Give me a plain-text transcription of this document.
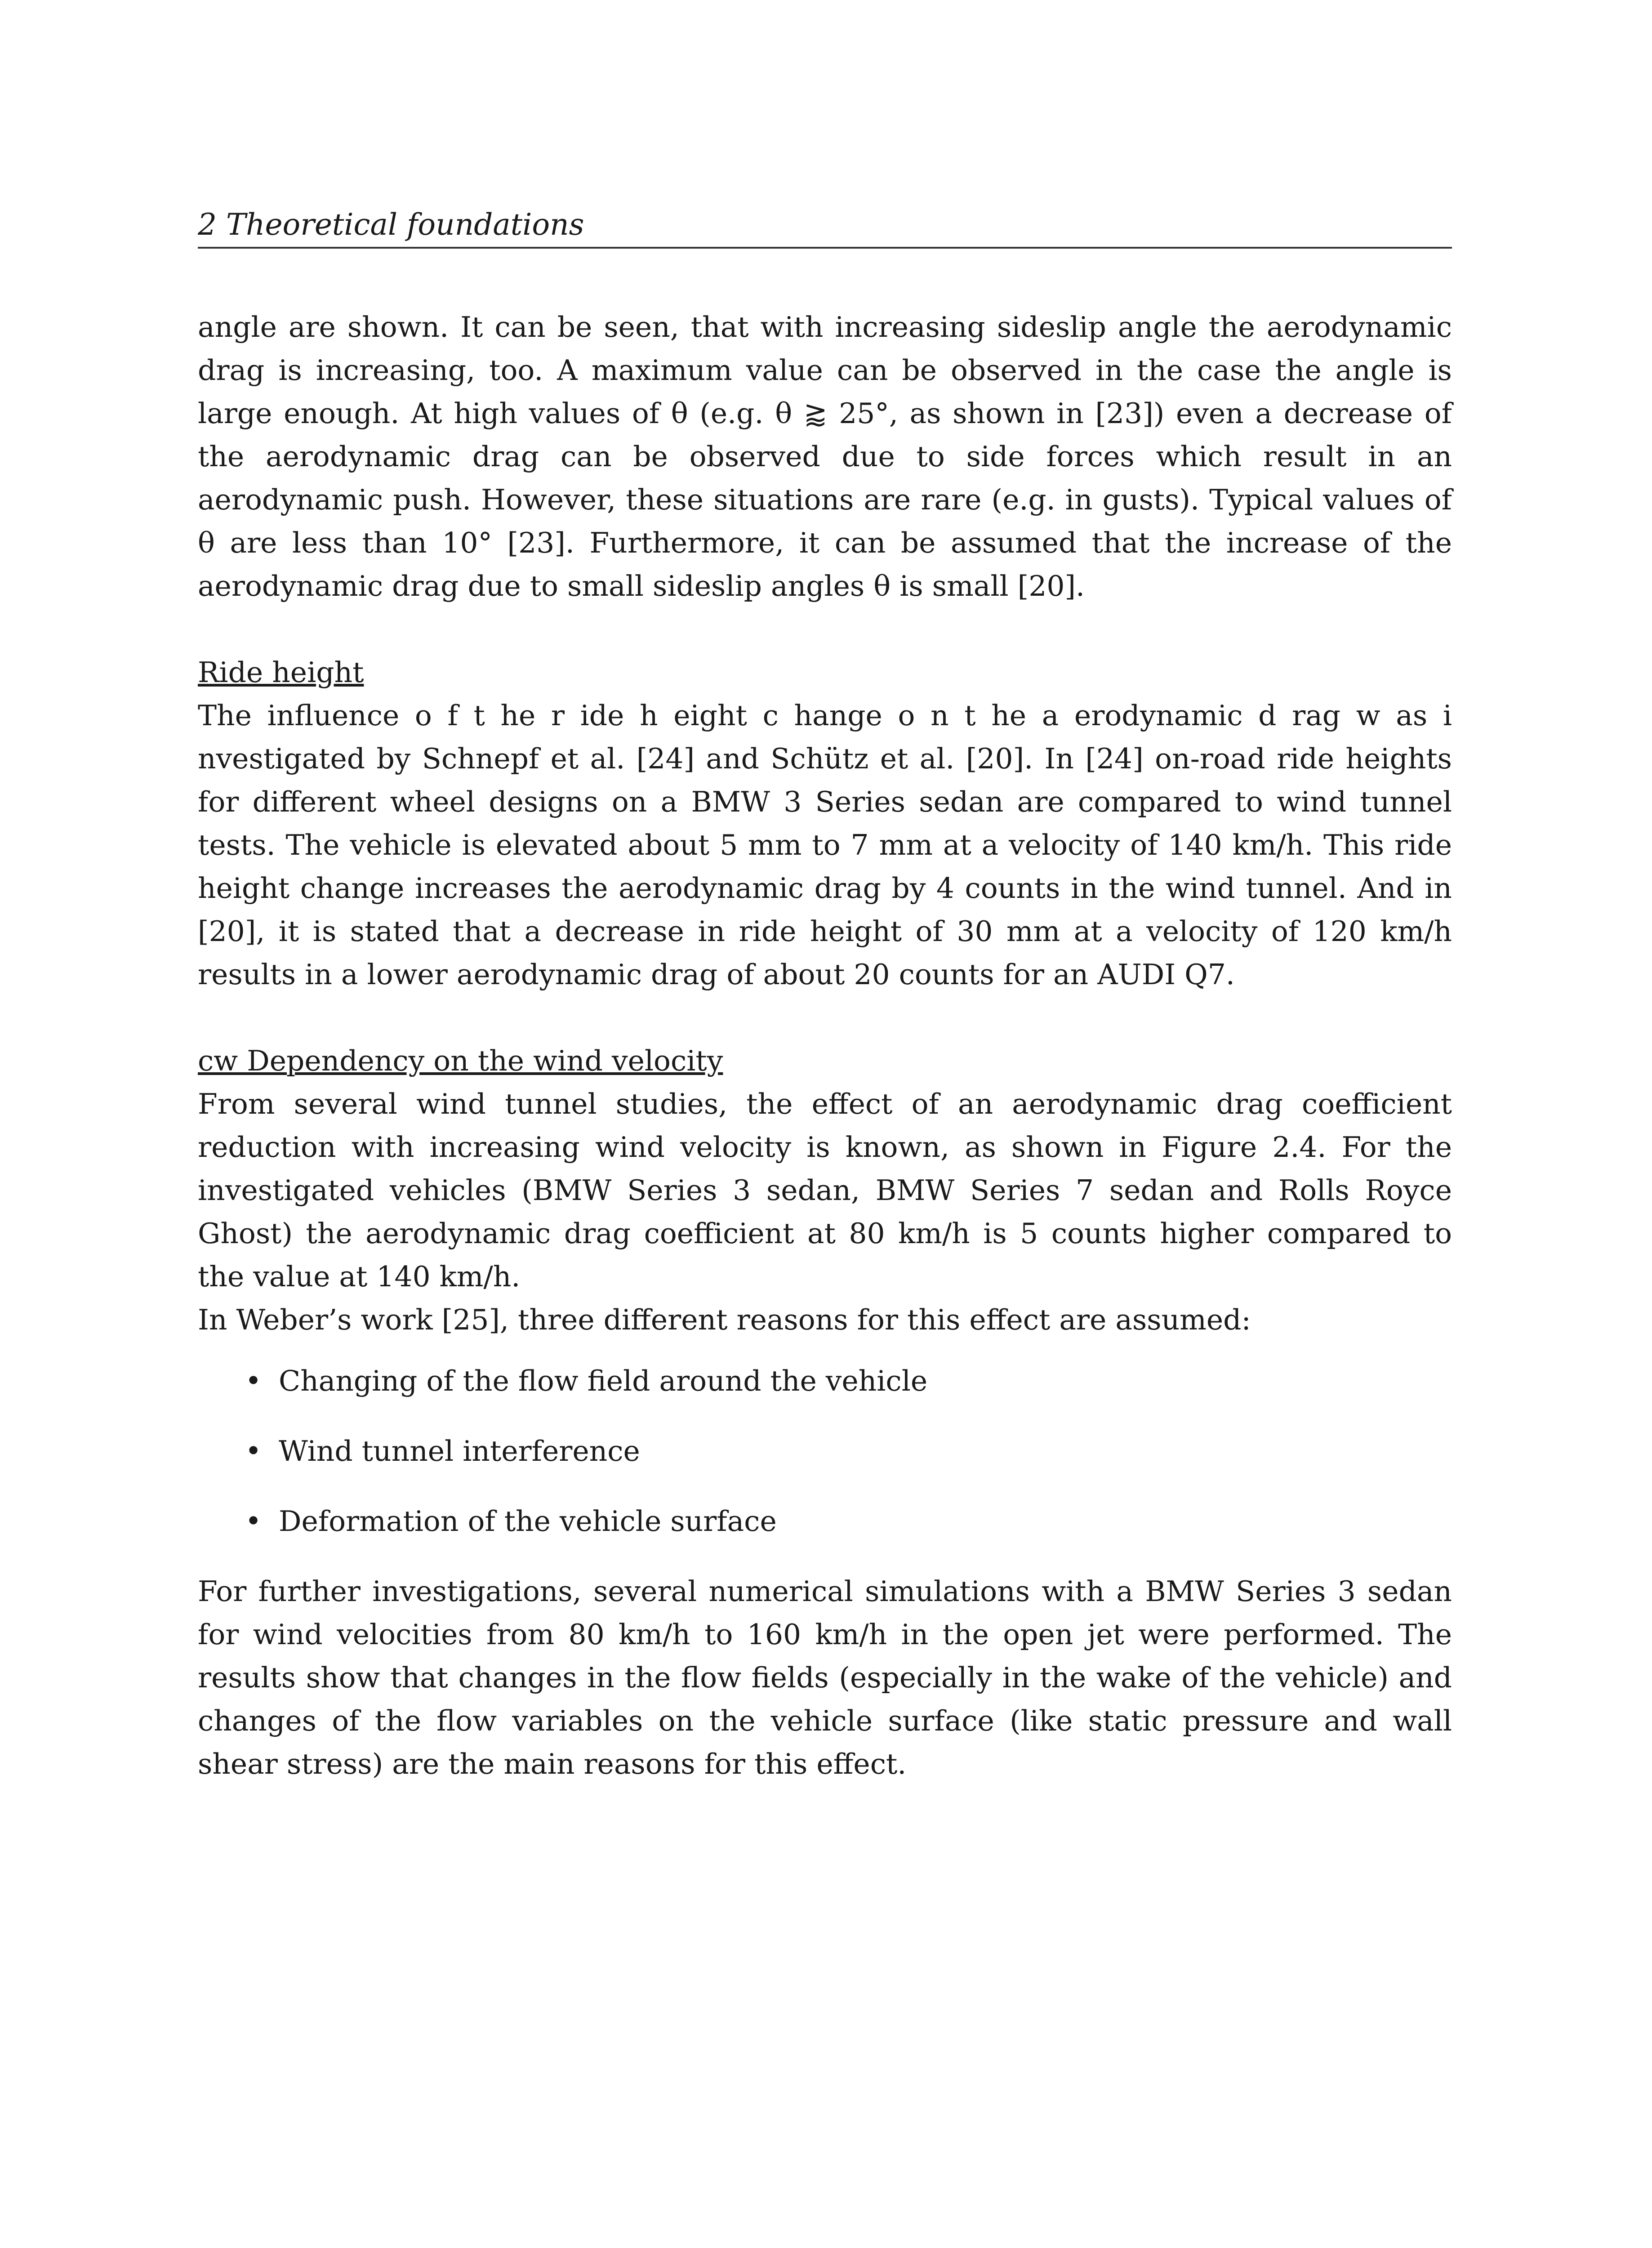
2 Theoretical foundations

angle are shown. It can be seen, that with increasing sideslip angle the aerodynamic drag is increasing, too. A maximum value can be observed in the case the angle is large enough. At high values of θ (e.g. θ ⪆ 25°, as shown in [23]) even a decrease of the aerodynamic drag can be observed due to side forces which result in an aerodynamic push. However, these situations are rare (e.g. in gusts). Typical values of θ are less than 10° [23]. Furthermore, it can be assumed that the increase of the aerodynamic drag due to small sideslip angles θ is small [20].

Ride height

The influence o f t he r ide h eight c hange o n t he a erodynamic d rag w as i nvestigated by Schnepf et al. [24] and Schütz et al. [20]. In [24] on-road ride heights for different wheel designs on a BMW 3 Series sedan are compared to wind tunnel tests. The vehicle is elevated about 5 mm to 7 mm at a velocity of 140 km/h. This ride height change increases the aerodynamic drag by 4 counts in the wind tunnel. And in [20], it is stated that a decrease in ride height of 30 mm at a velocity of 120 km/h results in a lower aerodynamic drag of about 20 counts for an AUDI Q7.

cw Dependency on the wind velocity

From several wind tunnel studies, the effect of an aerodynamic drag coefficient reduction with increasing wind velocity is known, as shown in Figure 2.4. For the investigated vehicles (BMW Series 3 sedan, BMW Series 7 sedan and Rolls Royce Ghost) the aerodynamic drag coefficient at 80 km/h is 5 counts higher compared to the value at 140 km/h.

In Weber’s work [25], three different reasons for this effect are assumed:

• Changing of the flow field around the vehicle
• Wind tunnel interference
• Deformation of the vehicle surface

For further investigations, several numerical simulations with a BMW Series 3 sedan for wind velocities from 80 km/h to 160 km/h in the open jet were performed. The results show that changes in the flow fields (especially in the wake of the vehicle) and changes of the flow variables on the vehicle surface (like static pressure and wall shear stress) are the main reasons for this effect.
